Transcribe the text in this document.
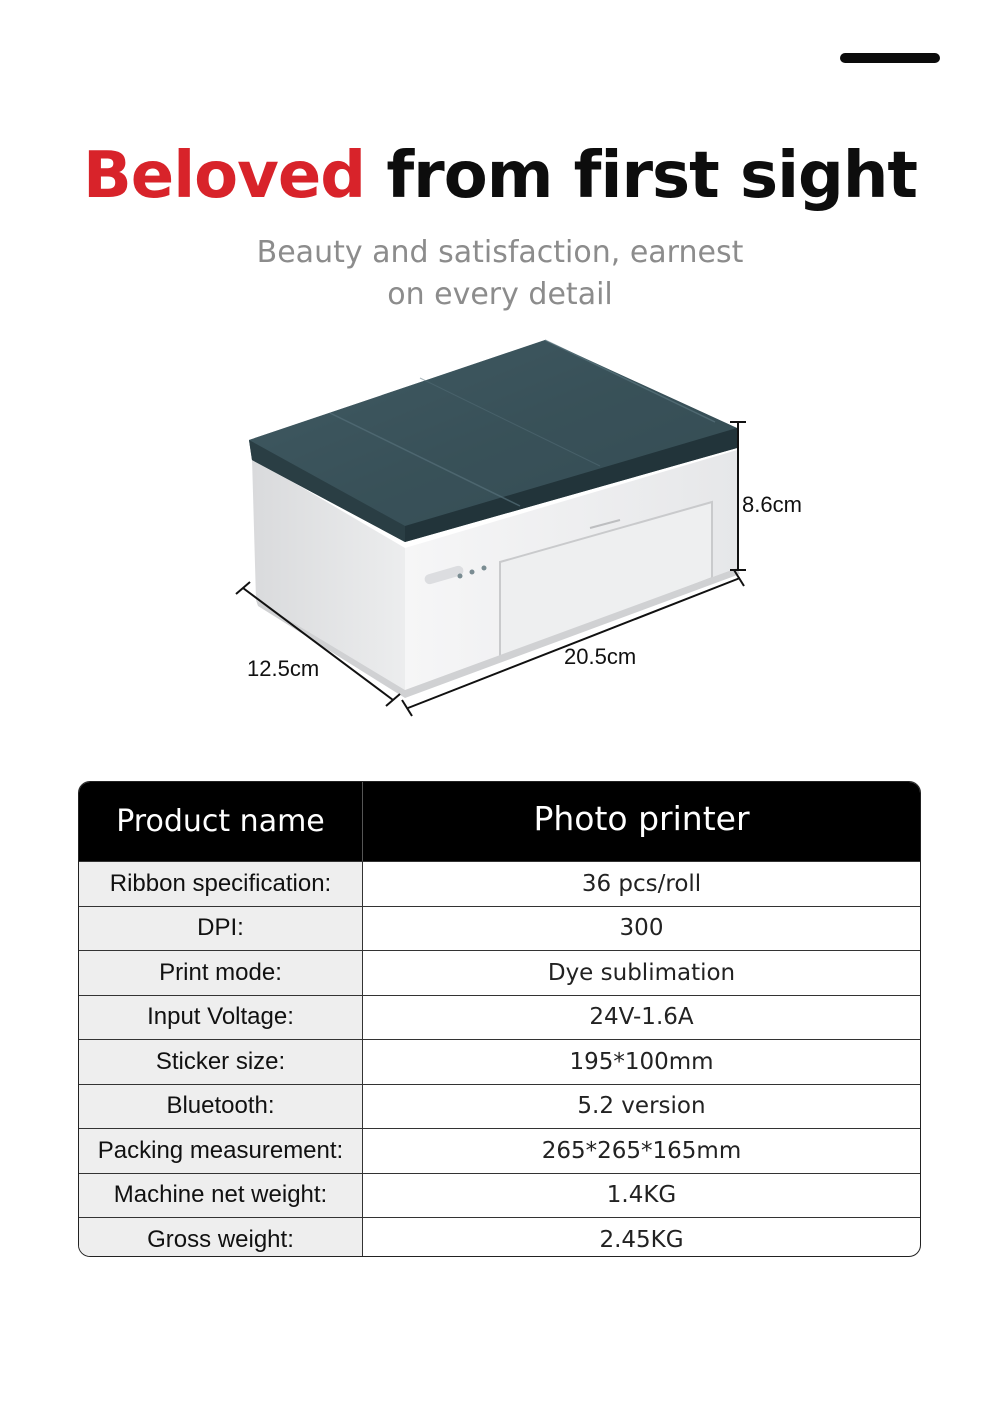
Beloved from first sight
Beauty and satisfaction, earnest
on every detail
8.6cm
20.5cm
12.5cm
Product name	Photo printer
Ribbon specification:	36 pcs/roll
DPI:	300
Print mode:	Dye sublimation
Input Voltage:	24V-1.6A
Sticker size:	195*100mm
Bluetooth:	5.2 version
Packing measurement:	265*265*165mm
Machine net weight:	1.4KG
Gross weight:	2.45KG
